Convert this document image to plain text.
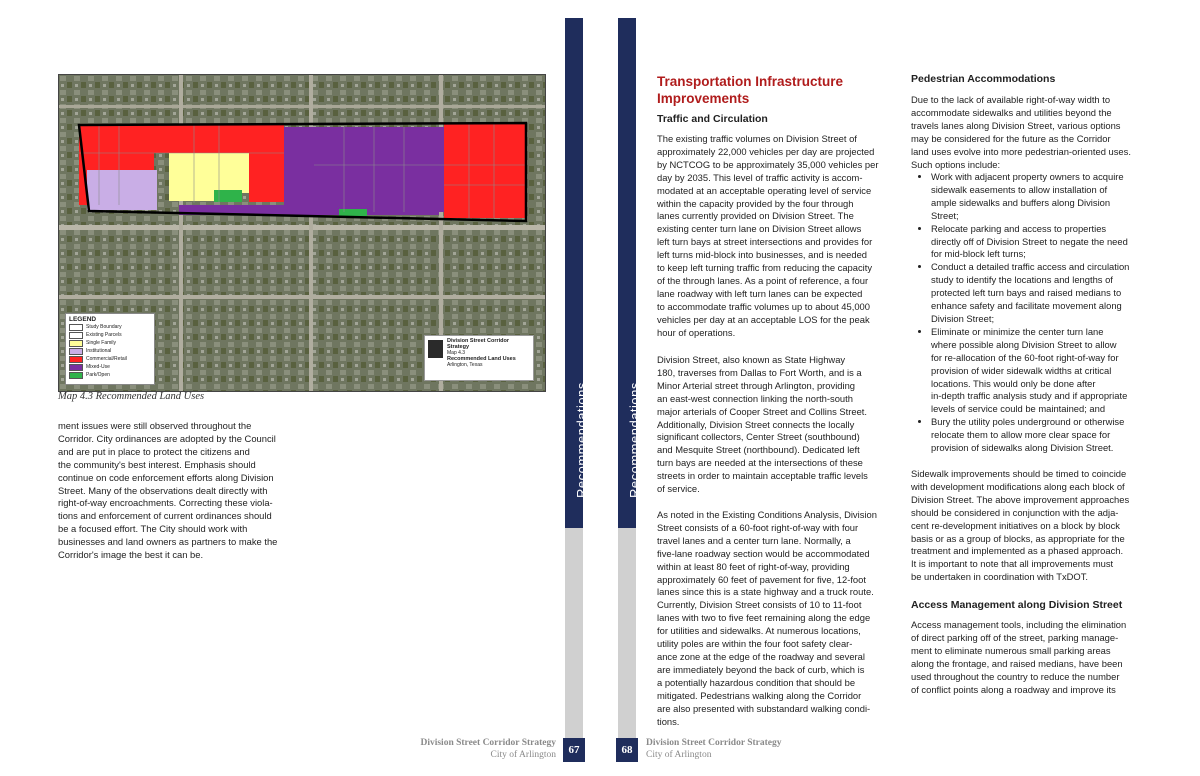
LEGEND
Study Boundary
Existing Parcels
Single Family
Institutional
Commercial/Retail
Mixed-Use
Park/Open
Division Street Corridor Strategy
Map 4.3
Recommended Land Uses
Arlington, Texas
Map 4.3 Recommended Land Uses
ment issues were still observed throughout the
Corridor. City ordinances are adopted by the Council
and are put in place to protect the citizens and
the community's best interest. Emphasis should
continue on code enforcement efforts along Division
Street. Many of the observations dealt directly with
right-of-way encroachments. Correcting these viola-
tions and enforcement of current ordinances should
be a focused effort. The City should work with
businesses and land owners as partners to make the
Corridor's image the best it can be.
Recommendations
Division Street Corridor Strategy
City of Arlington	67
Recommendations
68
Division Street Corridor Strategy
City of Arlington
Transportation Infrastructure
Improvements
Traffic and Circulation
The existing traffic volumes on Division Street of
approximately 22,000 vehicles per day are projected
by NCTCOG to be approximately 35,000 vehicles per
day by 2035. This level of traffic activity is accom-
modated at an acceptable operating level of service
within the capacity provided by the four through
lanes currently provided on Division Street. The
existing center turn lane on Division Street allows
left turn bays at street intersections and provides for
left turns mid-block into businesses, and is needed
to keep left turning traffic from reducing the capacity
of the through lanes. As a point of reference, a four
lane roadway with left turn lanes can be expected
to accommodate traffic volumes up to about 45,000
vehicles per day at an acceptable LOS for the peak
hour of operations.
Division Street, also known as State Highway
180, traverses from Dallas to Fort Worth, and is a
Minor Arterial street through Arlington, providing
an east-west connection linking the north-south
major arterials of Cooper Street and Collins Street.
Additionally, Division Street connects the locally
significant collectors, Center Street (southbound)
and Mesquite Street (northbound). Dedicated left
turn bays are needed at the intersections of these
streets in order to maintain acceptable traffic levels
of service.
As noted in the Existing Conditions Analysis, Division
Street consists of a 60-foot right-of-way with four
travel lanes and a center turn lane. Normally, a
five-lane roadway section would be accommodated
within at least 80 feet of right-of-way, providing
approximately 60 feet of pavement for five, 12-foot
lanes since this is a state highway and a truck route.
Currently, Division Street consists of 10 to 11-foot
lanes with two to five feet remaining along the edge
for utilities and sidewalks. At numerous locations,
utility poles are within the four foot safety clear-
ance zone at the edge of the roadway and several
are immediately beyond the back of curb, which is
a potentially hazardous condition that should be
mitigated. Pedestrians walking along the Corridor
are also presented with substandard walking condi-
tions.
Pedestrian Accommodations
Due to the lack of available right-of-way width to
accommodate sidewalks and utilities beyond the
travels lanes along Division Street, various options
may be considered for the future as the Corridor
land uses evolve into more pedestrian-oriented uses.
Such options include:
• Work with adjacent property owners to acquire
sidewalk easements to allow installation of
ample sidewalks and buffers along Division
Street;
• Relocate parking and access to properties
directly off of Division Street to negate the need
for mid-block left turns;
• Conduct a detailed traffic access and circulation
study to identify the locations and lengths of
protected left turn bays and raised medians to
enhance safety and facilitate movement along
Division Street;
• Eliminate or minimize the center turn lane
where possible along Division Street to allow
for re-allocation of the 60-foot right-of-way for
provision of wider sidewalk widths at critical
locations. This would only be done after
in-depth traffic analysis study and if appropriate
levels of service could be maintained; and
• Bury the utility poles underground or otherwise
relocate them to allow more clear space for
provision of sidewalks along Division Street.
Sidewalk improvements should be timed to coincide
with development modifications along each block of
Division Street. The above improvement approaches
should be considered in conjunction with the adja-
cent re-development initiatives on a block by block
basis or as a group of blocks, as appropriate for the
treatment and implemented as a phased approach.
It is important to note that all improvements must
be undertaken in coordination with TxDOT.
Access Management along Division Street
Access management tools, including the elimination
of direct parking off of the street, parking manage-
ment to eliminate numerous small parking areas
along the frontage, and raised medians, have been
used throughout the country to reduce the number
of conflict points along a roadway and improve its
